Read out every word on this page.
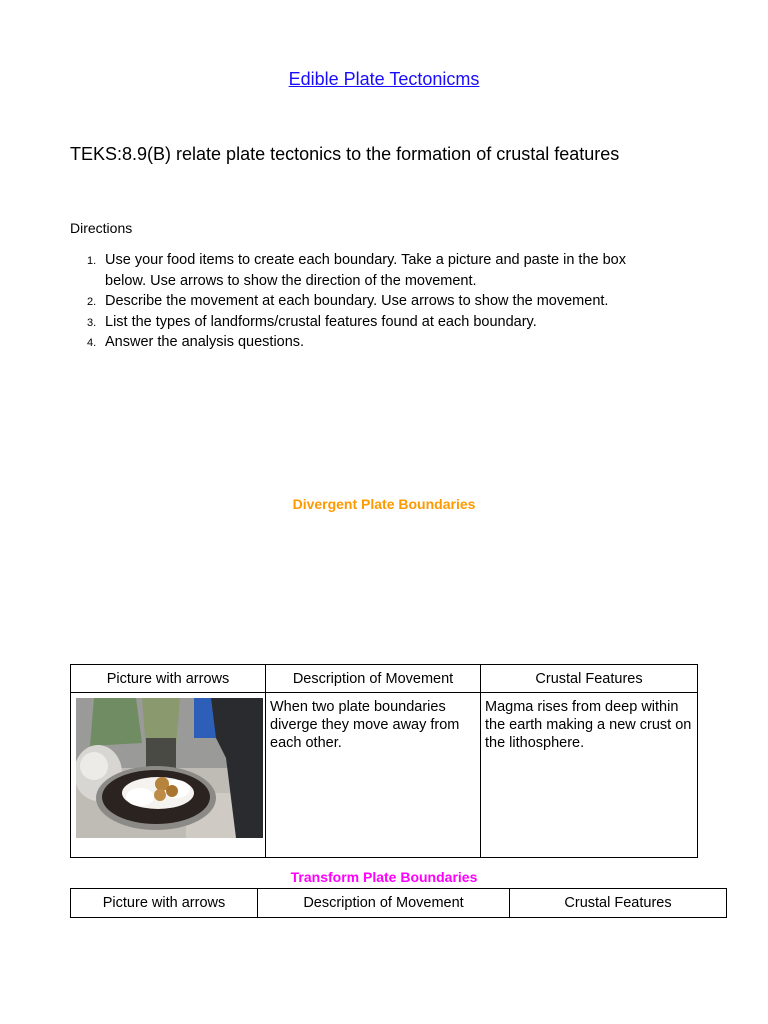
Edible Plate Tectonicms
TEKS:8.9(B) relate plate tectonics to the formation of crustal features
Directions
1. Use your food items to create each boundary. Take a picture and paste in the box below. Use arrows to show the direction of the movement.
2. Describe the movement at each boundary. Use arrows to show the movement.
3. List the types of landforms/crustal features found at each boundary.
4. Answer the analysis questions.
Divergent Plate Boundaries
Picture with arrows	Description of Movement	Crustal Features

	When two plate boundaries diverge they move away from each other.	Magma rises from deep within the earth making a new crust on the lithosphere.
Transform Plate Boundaries
Picture with arrows	Description of Movement	Crustal Features
